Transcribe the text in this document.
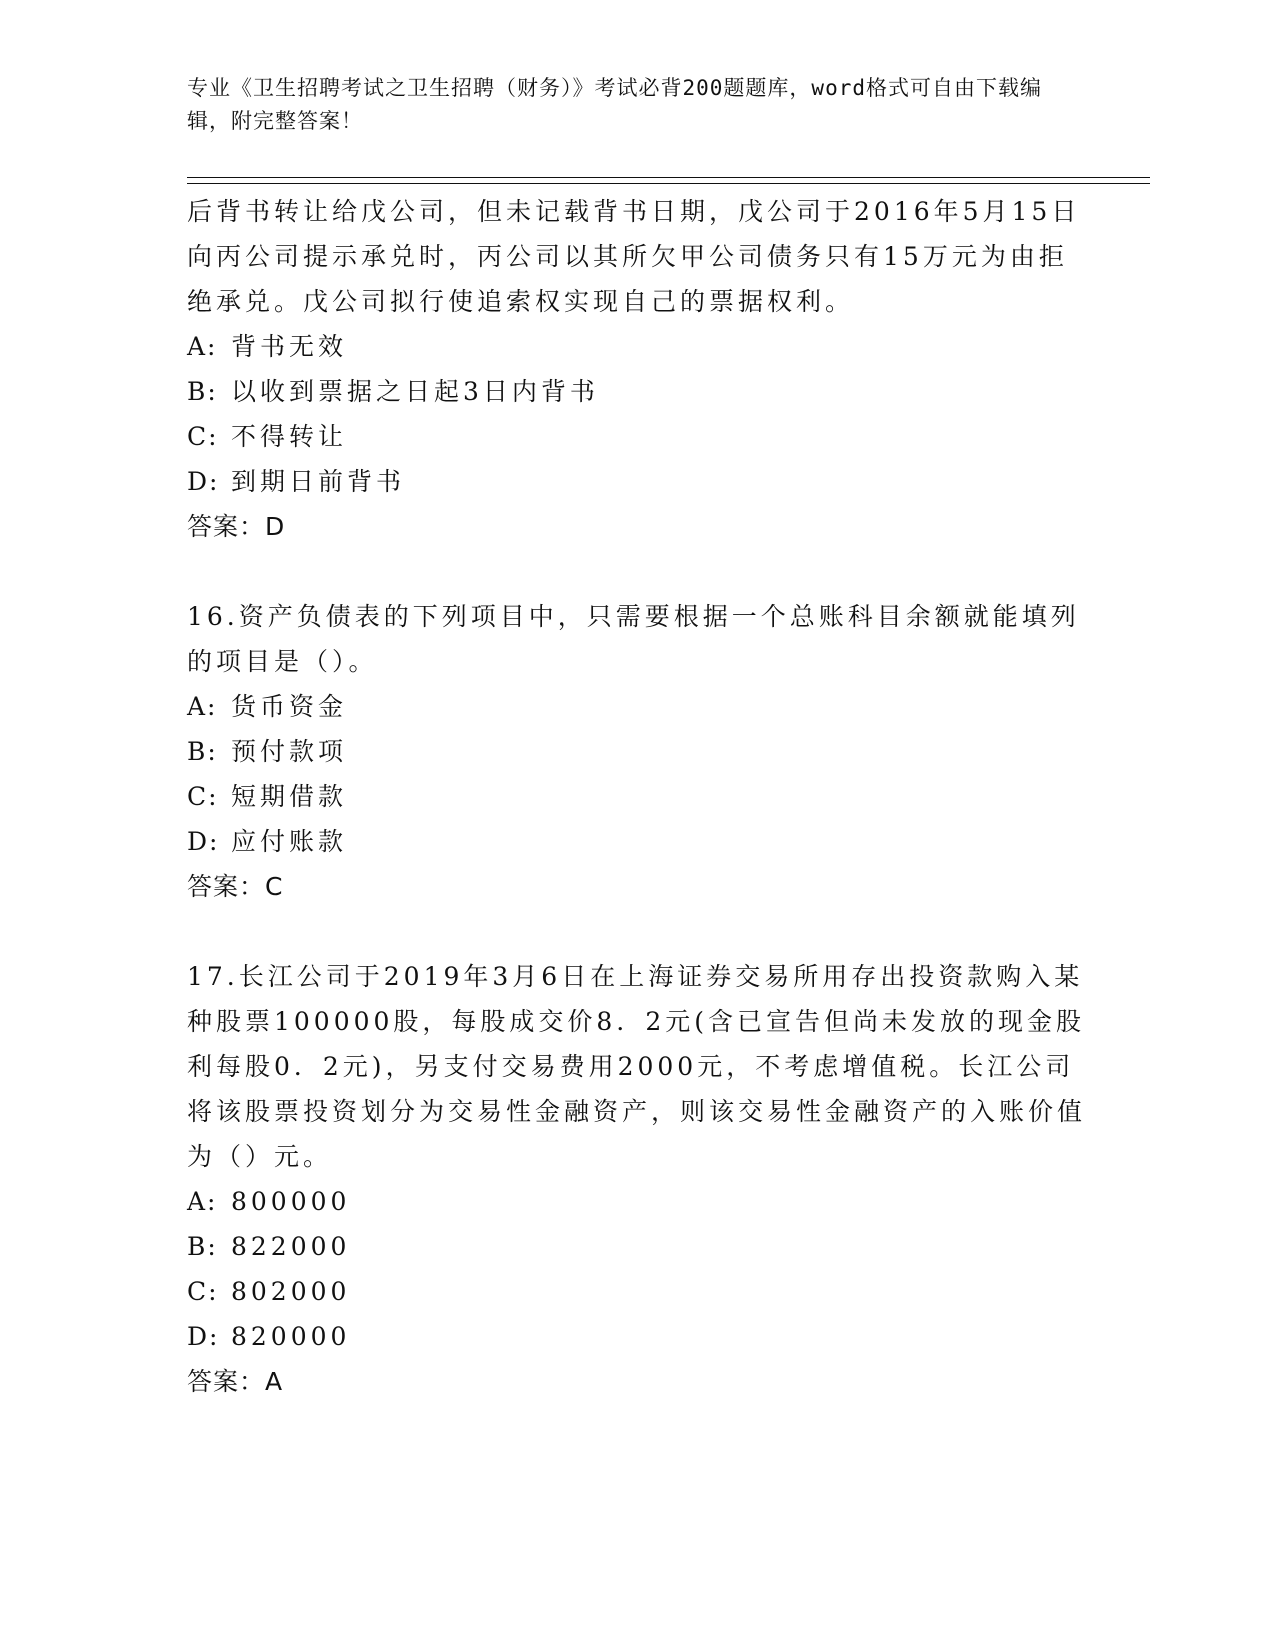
专业《卫生招聘考试之卫生招聘（财务）》考试必背200题题库，word格式可自由下载编辑，附完整答案！

后背书转让给戊公司，但未记载背书日期，戊公司于2016年5月15日向丙公司提示承兑时，丙公司以其所欠甲公司债务只有15万元为由拒绝承兑。戊公司拟行使追索权实现自己的票据权利。

A: 背书无效

B: 以收到票据之日起3日内背书

C: 不得转让

D: 到期日前背书

答案：D

16.资产负债表的下列项目中，只需要根据一个总账科目余额就能填列的项目是（）。

A: 货币资金

B: 预付款项

C: 短期借款

D: 应付账款

答案：C

17.长江公司于2019年3月6日在上海证券交易所用存出投资款购入某种股票100000股，每股成交价8．2元(含已宣告但尚未发放的现金股利每股0．2元)，另支付交易费用2000元，不考虑增值税。长江公司将该股票投资划分为交易性金融资产，则该交易性金融资产的入账价值为（）元。

A: 800000

B: 822000

C: 802000

D: 820000

答案：A
